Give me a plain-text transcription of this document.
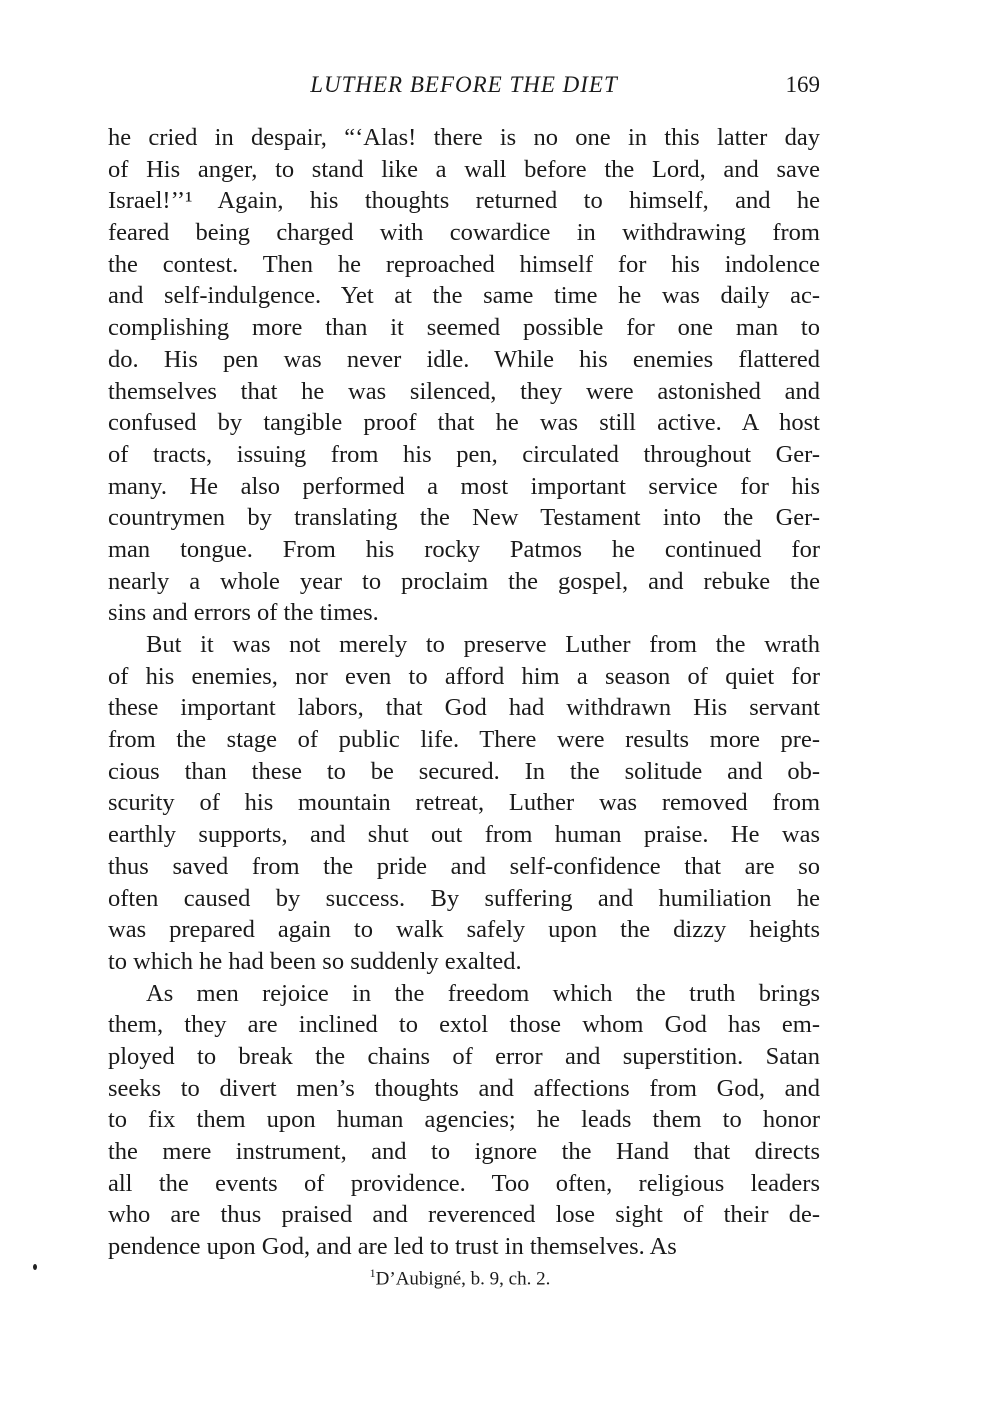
LUTHER BEFORE THE DIET	169
he cried in despair, “‘Alas! there is no one in this latter day
of His anger, to stand like a wall before the Lord, and save
Israel!’’¹ Again, his thoughts returned to himself, and he
feared being charged with cowardice in withdrawing from
the contest. Then he reproached himself for his indolence
and self-indulgence. Yet at the same time he was daily ac-
complishing more than it seemed possible for one man to
do. His pen was never idle. While his enemies flattered
themselves that he was silenced, they were astonished and
confused by tangible proof that he was still active. A host
of tracts, issuing from his pen, circulated throughout Ger-
many. He also performed a most important service for his
countrymen by translating the New Testament into the Ger-
man tongue. From his rocky Patmos he continued for
nearly a whole year to proclaim the gospel, and rebuke the
sins and errors of the times.
But it was not merely to preserve Luther from the wrath
of his enemies, nor even to afford him a season of quiet for
these important labors, that God had withdrawn His servant
from the stage of public life. There were results more pre-
cious than these to be secured. In the solitude and ob-
scurity of his mountain retreat, Luther was removed from
earthly supports, and shut out from human praise. He was
thus saved from the pride and self-confidence that are so
often caused by success. By suffering and humiliation he
was prepared again to walk safely upon the dizzy heights
to which he had been so suddenly exalted.
As men rejoice in the freedom which the truth brings
them, they are inclined to extol those whom God has em-
ployed to break the chains of error and superstition. Satan
seeks to divert men’s thoughts and affections from God, and
to fix them upon human agencies; he leads them to honor
the mere instrument, and to ignore the Hand that directs
all the events of providence. Too often, religious leaders
who are thus praised and reverenced lose sight of their de-
pendence upon God, and are led to trust in themselves. As
$^1$D’Aubigné, b. 9, ch. 2.
